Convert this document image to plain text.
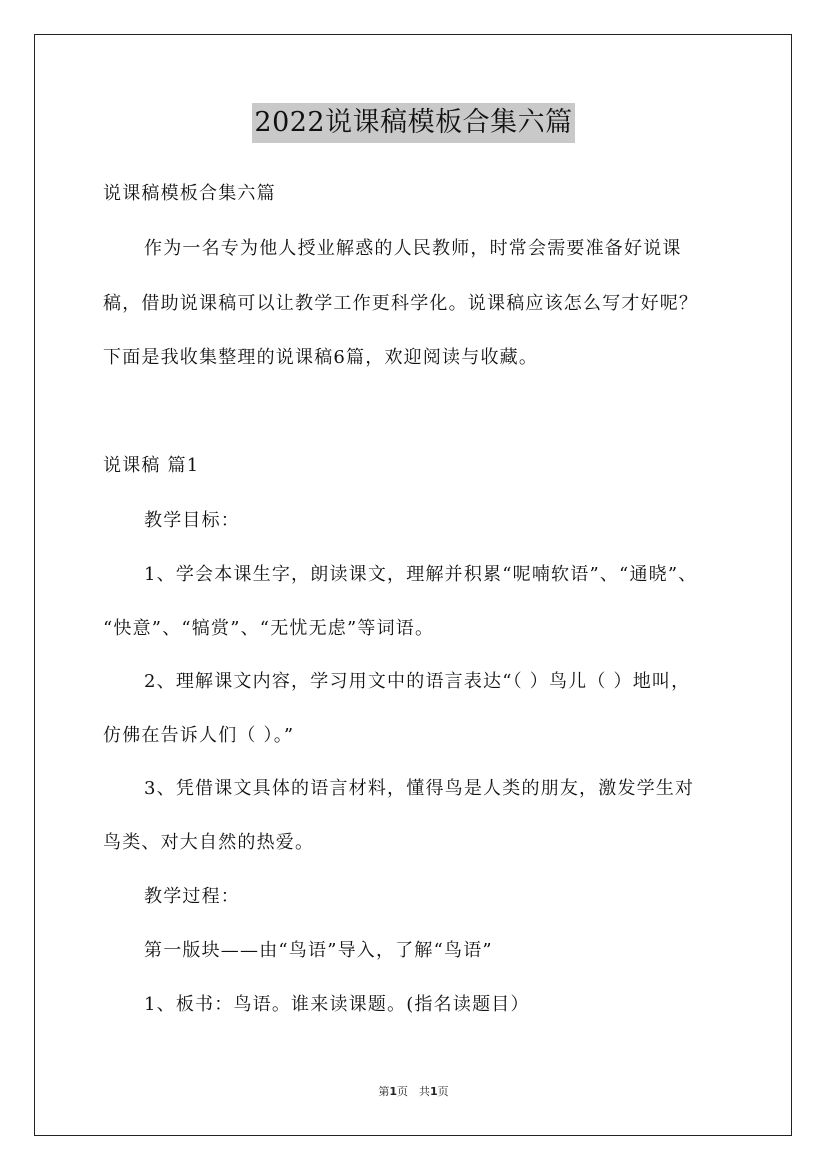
2022说课稿模板合集六篇
说课稿模板合集六篇
作为一名专为他人授业解惑的人民教师，时常会需要准备好说课
稿，借助说课稿可以让教学工作更科学化。说课稿应该怎么写才好呢？
下面是我收集整理的说课稿6篇，欢迎阅读与收藏。
说课稿 篇1
教学目标：
1、学会本课生字，朗读课文，理解并积累“呢喃软语”、“通晓”、
“快意”、“犒赏”、“无忧无虑”等词语。
2、理解课文内容，学习用文中的语言表达“（ ）鸟儿（ ）地叫，
仿佛在告诉人们（ ）。”
3、凭借课文具体的语言材料，懂得鸟是人类的朋友，激发学生对
鸟类、对大自然的热爱。
教学过程：
第一版块——由“鸟语”导入，了解“鸟语”
1、板书：鸟语。谁来读课题。(指名读题目）
第1页　共1页
